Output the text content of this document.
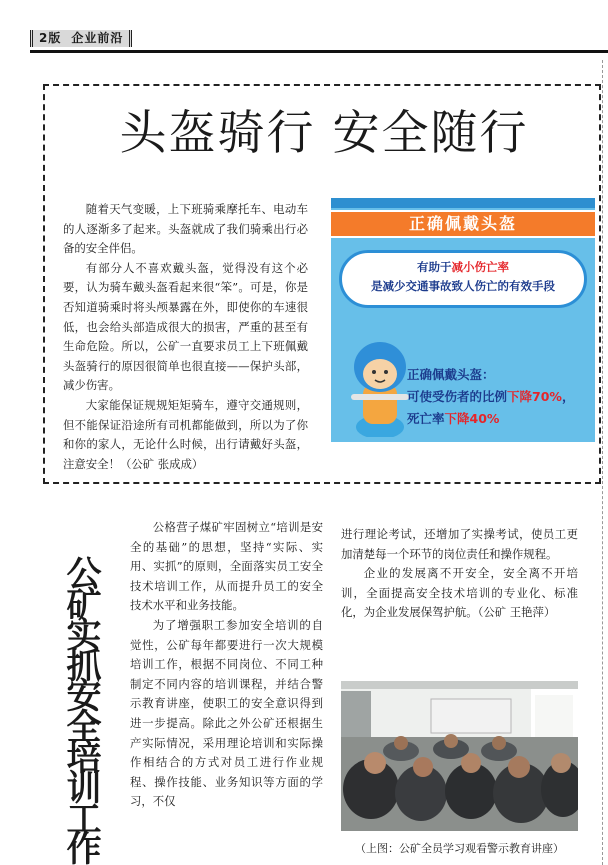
2版 企业前沿
头盔骑行 安全随行

随着天气变暖，上下班骑乘摩托车、电动车的人逐渐多了起来。头盔就成了我们骑乘出行必备的安全伴侣。

有部分人不喜欢戴头盔，觉得没有这个必要，认为骑车戴头盔看起来很“笨”。可是，你是否知道骑乘时将头颅暴露在外，即使你的车速很低，也会给头部造成很大的损害，严重的甚至有生命危险。所以，公矿一直要求员工上下班佩戴头盔骑行的原因很简单也很直接——保护头部，减少伤害。

大家能保证规规矩矩骑车，遵守交通规则，但不能保证沿途所有司机都能做到，所以为了你和你的家人，无论什么时候，出行请戴好头盔，注意安全！（公矿 张成成）

正确佩戴头盔
有助于减小伤亡率
是减少交通事故致人伤亡的有效手段
正确佩戴头盔：
可使受伤者的比例下降70%，
死亡率下降40%
公
矿
实
抓
安
全
培
训
工
作

公格营子煤矿牢固树立“培训是安全的基础”的思想，坚持“实际、实用、实抓”的原则，全面落实员工安全技术培训工作，从而提升员工的安全技术水平和业务技能。

为了增强职工参加安全培训的自觉性，公矿每年都要进行一次大规模培训工作，根据不同岗位、不同工种制定不同内容的培训课程，并结合警示教育讲座，使职工的安全意识得到进一步提高。除此之外公矿还根据生产实际情况，采用理论培训和实际操作相结合的方式对员工进行作业规程、操作技能、业务知识等方面的学习，不仅

进行理论考试，还增加了实操考试，使员工更加清楚每一个环节的岗位责任和操作规程。

企业的发展离不开安全，安全离不开培训，全面提高安全技术培训的专业化、标准化，为企业发展保驾护航。（公矿 王艳萍）

（上图：公矿全员学习观看警示教育讲座）
